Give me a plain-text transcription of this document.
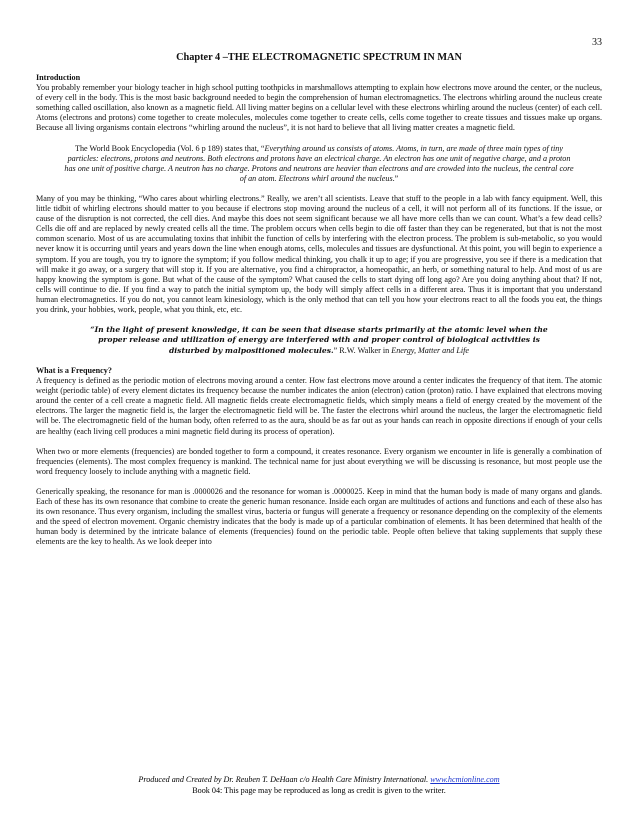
33
Chapter 4 –THE ELECTROMAGNETIC SPECTRUM IN MAN
Introduction

You probably remember your biology teacher in high school putting toothpicks in marshmallows attempting to explain how electrons move around the center, or the nucleus, of every cell in the body. This is the most basic background needed to begin the comprehension of human electromagnetics. The electrons whirling around the nucleus create something called oscillation, also known as a magnetic field. All living matter begins on a cellular level with these electrons whirling around the nucleus (center) of each cell. Atoms (electrons and protons) come together to create molecules, molecules come together to create cells, cells come together to create tissues and tissues make up organs. Because all living organisms contain electrons “whirling around the nucleus”, it is not hard to believe that all living matter creates a magnetic field.

The World Book Encyclopedia (Vol. 6 p 189) states that, “Everything around us consists of atoms. Atoms, in turn, are made of three main types of tiny particles: electrons, protons and neutrons. Both electrons and protons have an electrical charge. An electron has one unit of negative charge, and a proton has one unit of positive charge. A neutron has no charge. Protons and neutrons are heavier than electrons and are crowded into the nucleus, the central core of an atom. Electrons whirl around the nucleus.”

Many of you may be thinking, “Who cares about whirling electrons.” Really, we aren’t all scientists. Leave that stuff to the people in a lab with fancy equipment. Well, this little tidbit of whirling electrons should matter to you because if electrons stop moving around the nucleus of a cell, it will not perform all of its functions. If the issue, or cause of the disruption is not corrected, the cell dies. And maybe this does not seem significant because we all have more cells than we can count. What’s a few dead cells? Cells die off and are replaced by newly created cells all the time. The problem occurs when cells begin to die off faster than they can be regenerated, but that is not the most common scenario. Most of us are accumulating toxins that inhibit the function of cells by interfering with the electron process. The problem is sub-metabolic, so you would never know it is occurring until years and years down the line when enough atoms, cells, molecules and tissues are dysfunctional. At this point, you will begin to experience a symptom. If you are tough, you try to ignore the symptom; if you follow medical thinking, you chalk it up to age; if you are progressive, you see if there is a medication that will make it go away, or a surgery that will stop it. If you are alternative, you find a chiropractor, a homeopathic, an herb, or something natural to help. And most of us are happy knowing the symptom is gone. But what of the cause of the symptom? What caused the cells to start dying off long ago? Are you doing anything about that? If not, cells will continue to die. If you find a way to patch the initial symptom up, the body will simply affect cells in a different area. Thus it is important that you understand human electromagnetics. If you do not, you cannot learn kinesiology, which is the only method that can tell you how your electrons react to all the foods you eat, the things you drink, your hobbies, work, people, what you think, etc, etc.

“In the light of present knowledge, it can be seen that disease starts primarily at the atomic level when the proper release and utilization of energy are interfered with and proper control of biological activities is disturbed by malpositioned molecules.” R.W. Walker in Energy, Matter and Life
What is a Frequency?

A frequency is defined as the periodic motion of electrons moving around a center. How fast electrons move around a center indicates the frequency of that item. The atomic weight (periodic table) of every element dictates its frequency because the number indicates the anion (electron) cation (proton) ratio. I have explained that electrons moving around the center of a cell create a magnetic field. All magnetic fields create electromagnetic fields, which simply means a field of energy created by the movement of the electrons. The larger the magnetic field is, the larger the electromagnetic field will be. The faster the electrons whirl around the nucleus, the larger the electromagnetic field will be. The electromagnetic field of the human body, often referred to as the aura, should be as far out as your hands can reach in opposite directions if enough of your cells are healthy (each living cell produces a mini magnetic field during its process of operation).

When two or more elements (frequencies) are bonded together to form a compound, it creates resonance. Every organism we encounter in life is generally a combination of frequencies (elements). The most complex frequency is mankind. The technical name for just about everything we will be discussing is resonance, but most people use the word frequency loosely to include anything with a magnetic field.

Generically speaking, the resonance for man is .0000026 and the resonance for woman is .0000025. Keep in mind that the human body is made of many organs and glands. Each of these has its own resonance that combine to create the generic human resonance. Inside each organ are multitudes of actions and functions and each of these also has its own resonance. Thus every organism, including the smallest virus, bacteria or fungus will generate a frequency or resonance depending on the complexity of the elements and the speed of electron movement. Organic chemistry indicates that the body is made up of a particular combination of elements. It has been determined that health of the human body is determined by the intricate balance of elements (frequencies) found on the periodic table. People often believe that taking supplements that supply these elements are the key to health. As we look deeper into

Produced and Created by Dr. Reuben T. DeHaan c/o Health Care Ministry International. www.hcmionline.com
Book 04: This page may be reproduced as long as credit is given to the writer.
